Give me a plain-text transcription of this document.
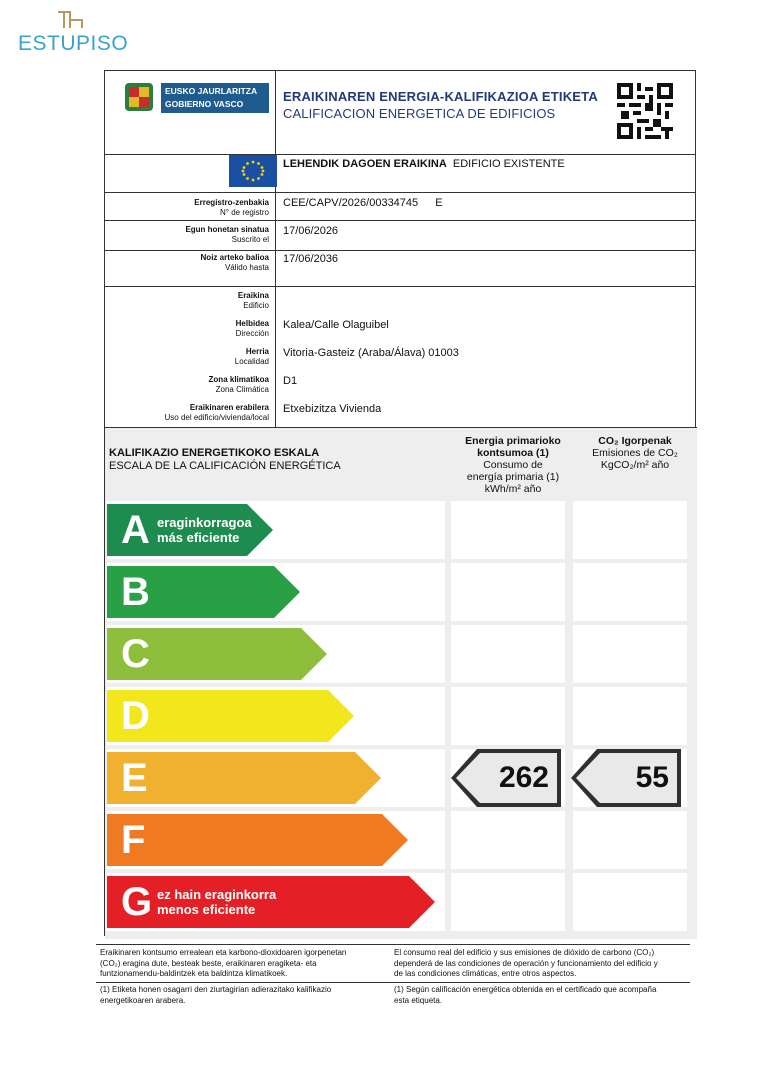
ESTUPISO
EUSKO JAURLARITZA
GOBIERNO VASCO	ERAIKINAREN ENERGIA-KALIFIKAZIOA ETIKETA
CALIFICACION ENERGETICA DE EDIFICIOS
LEHENDIK DAGOEN ERAIKINA EDIFICIO EXISTENTE
Erregistro-zenbakia
N° de registro
CEE/CAPV/2026/00334745 E
Egun honetan sinatua
Suscrito el
17/06/2026
Noiz arteko balioa
Válido hasta
17/06/2036
Eraikina
Edificio
Helbidea
Dirección
Kalea/Calle Olaguibel
Herria
Localidad
Vitoria-Gasteiz (Araba/Álava) 01003
Zona klimatikoa
Zona Climática
D1
Eraikinaren erabilera
Uso del edificio/vivienda/local
Etxebizitza Vivienda
KALIFIKAZIO ENERGETIKOKO ESKALA
ESCALA DE LA CALIFICACIÓN ENERGÉTICA
Energia primarioko
kontsumoa (1)
Consumo de
energía primaria (1)
kWh/m² año
CO₂ Igorpenak
Emisiones de CO₂
KgCO₂/m² año
A eraginkorragoa
más eficiente
B
C
D
E
F
G ez hain eraginkorra
menos eficiente
262	55
Eraikinaren kontsumo errealean eta karbono-dioxidoaren igorpenetan
(CO₂) eragina dute, besteak beste, eraikinaren eragiketa- eta
funtzionamendu-baldintzek eta baldintza klimatikoek.
El consumo real del edificio y sus emisiones de dióxido de carbono (CO₂)
dependerá de las condiciones de operación y funcionamiento del edificio y
de las condiciones climáticas, entre otros aspectos.
(1) Etiketa honen osagarri den ziurtagirian adierazitako kalifikazio
energetikoaren arabera.
(1) Según calificación energética obtenida en el certificado que acompaña
esta etiqueta.
